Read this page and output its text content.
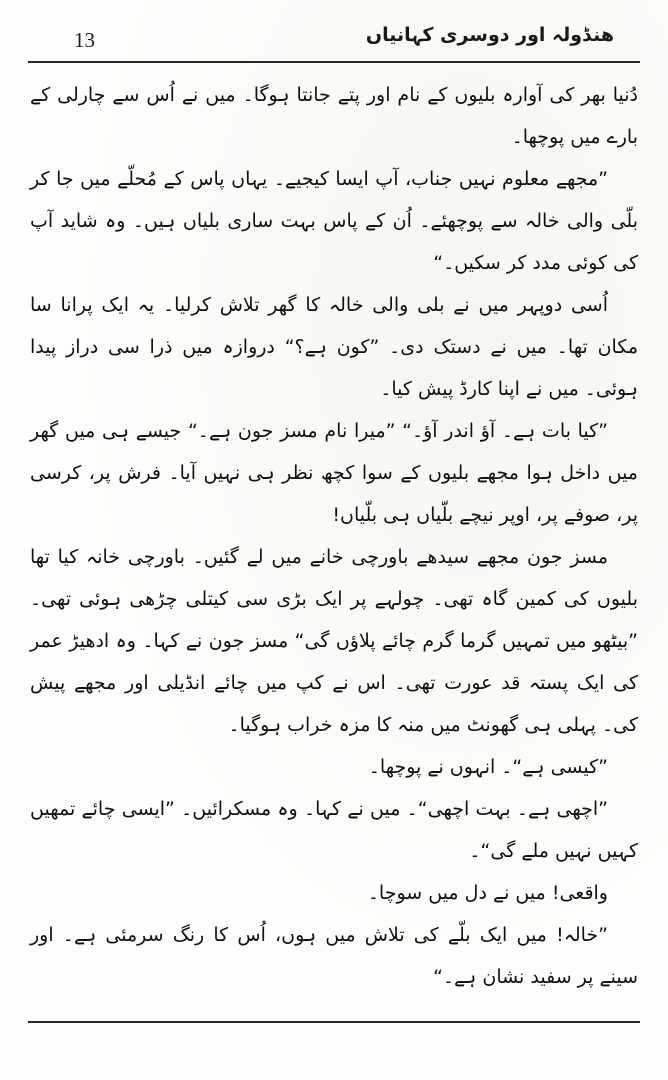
13	ھنڈولہ اور دوسری کہانیاں

دُنیا بھر کی آوارہ بلیوں کے نام اور پتے جانتا ہوگا۔ میں نے اُس سے چارلی کے بارے میں پوچھا۔

”مجھے معلوم نہیں جناب، آپ ایسا کیجیے۔ یہاں پاس کے مُحلّے میں جا کر بلّی والی خالہ سے پوچھئے۔ اُن کے پاس بہت ساری بلیاں ہیں۔ وہ شاید آپ کی کوئی مدد کر سکیں۔“

اُسی دوپہر میں نے بلی والی خالہ کا گھر تلاش کرلیا۔ یہ ایک پرانا سا مکان تھا۔ میں نے دستک دی۔ ”کون ہے؟“ دروازہ میں ذرا سی دراز پیدا ہوئی۔ میں نے اپنا کارڈ پیش کیا۔

”کیا بات ہے۔ آؤ اندر آؤ۔“ ”میرا نام مسز جون ہے۔“ جیسے ہی میں گھر میں داخل ہوا مجھے بلیوں کے سوا کچھ نظر ہی نہیں آیا۔ فرش پر، کرسی پر، صوفے پر، اوپر نیچے بلّیاں ہی بلّیاں!

مسز جون مجھے سیدھے باورچی خانے میں لے گئیں۔ باورچی خانہ کیا تھا بلیوں کی کمین گاہ تھی۔ چولہے پر ایک بڑی سی کیتلی چڑھی ہوئی تھی۔ ”بیٹھو میں تمہیں گرما گرم چائے پلاؤں گی“ مسز جون نے کہا۔ وہ ادھیڑ عمر کی ایک پستہ قد عورت تھی۔ اس نے کپ میں چائے انڈیلی اور مجھے پیش کی۔ پہلی ہی گھونٹ میں منہ کا مزہ خراب ہوگیا۔

”کیسی ہے“۔ انہوں نے پوچھا۔

”اچھی ہے۔ بہت اچھی“۔ میں نے کہا۔ وہ مسکرائیں۔ ”ایسی چائے تمھیں کہیں نہیں ملے گی“۔

واقعی! میں نے دل میں سوچا۔

”خالہ! میں ایک بلّے کی تلاش میں ہوں، اُس کا رنگ سرمئی ہے۔ اور سینے پر سفید نشان ہے۔“
